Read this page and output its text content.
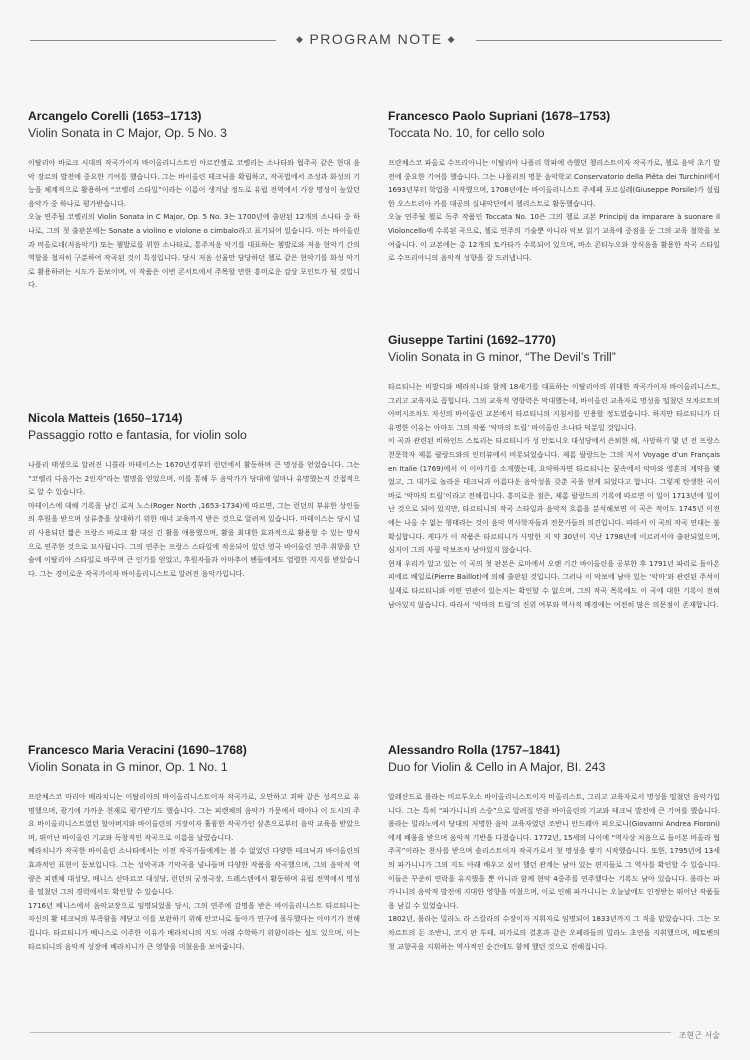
◆ PROGRAM NOTE ◆
Arcangelo Corelli (1653–1713)
Violin Sonata in C Major, Op. 5 No. 3

이탈리아 바로크 시대의 작곡가이자 바이올리니스트인 아르칸젤로 코렐리는 소나타와 협주곡 같은 현대 음악 장르의 발전에 중요한 기여를 했습니다. 그는 바이올린 테크닉을 확립하고, 작곡법에서 조성과 화성의 기능을 체계적으로 활용하여 “코렐리 스타일”이라는 이름이 생겨날 정도로 유럽 전역에서 가장 명성이 높았던 음악가 중 하나로 평가받습니다.

오늘 연주될 코렐리의 Violin Sonata in C Major, Op. 5 No. 3는 1700년에 출판된 12개의 소나타 중 하나로, 그의 첫 출판본에는 Sonate a violino e violone o cimbalo라고 표기되어 있습니다. 이는 바이올린과 비올로네(저음악기) 또는 쳄발로를 위한 소나타로, 통주저음 악기를 대표하는 쳄발로와 저음 현악기 간의 역할을 철저히 구분하여 작곡된 것이 특징입니다. 당시 저음 선율만 담당하던 첼로 같은 현악기를 화성 악기로 활용하려는 시도가 돋보이며, 이 작품은 이번 콘서트에서 주목할 만한 흥미로운 감상 포인트가 될 것입니다.

Francesco Paolo Supriani (1678–1753)
Toccata No. 10, for cello solo

프란체스코 파올로 수프리아니는 이탈리아 나폴리 학파에 속했던 첼리스트이자 작곡가로, 첼로 음악 초기 발전에 중요한 기여를 했습니다. 그는 나폴리의 명문 음악학교 Conservatorio della Piëta dei Turchini에서 1693년부터 학업을 시작했으며, 1708년에는 바이올리니스트 주세페 포르실레(Giuseppe Porsile)가 설립한 오스트리아 카를 대공의 실내악단에서 첼리스트로 활동했습니다.

오늘 연주될 첼로 독주 작품인 Toccata No. 10은 그의 첼로 교본 Principij da imparare à suonare il Violoncello에 수록된 곡으로, 첼로 연주의 기술뿐 아니라 악보 읽기 교육에 중점을 둔 그의 교육 철학을 보여줍니다. 이 교본에는 총 12개의 토카타가 수록되어 있으며, 바소 콘티누오와 장식음을 활용한 작곡 스타일로 수프리아니의 음악적 성향을 잘 드러냅니다.

Giuseppe Tartini (1692–1770)
Violin Sonata in G minor, “The Devil’s Trill”

타르티니는 비발디와 베라치니와 함께 18세기를 대표하는 이탈리아의 위대한 작곡가이자 바이올리니스트, 그리고 교육자로 꼽힙니다. 그의 교육적 영향력은 막대했는데, 바이올린 교육자로 명성을 떨쳤던 모차르트의 아버지조차도 자신의 바이올린 교본에서 타르티니의 지침서를 인용할 정도였습니다. 하지만 타르티니가 더 유명한 이유는 아마도 그의 작품 ‘악마의 트릴’ 바이올린 소나타 덕분일 것입니다.

이 곡과 관련된 비하인드 스토리는 타르티니가 성 안토니오 대성당에서 은퇴한 해, 사망하기 몇 년 전 프랑스 천문학자 제롬 랄랑드와의 인터뷰에서 비롯되었습니다. 제롬 랄랑드는 그의 저서 Voyage d’un Français en Italie (1769)에서 이 이야기를 소개했는데, 요약하자면 타르티니는 꿈속에서 악마와 영혼의 계약을 맺었고, 그 대가로 놀라운 테크닉과 아름다운 음악성을 갖춘 곡을 얻게 되었다고 합니다. 그렇게 탄생한 곡이 바로 ‘악마의 트릴’이라고 전해집니다. 흥미로운 점은, 제롬 랄랑드의 기록에 따르면 이 일이 1713년에 일어난 것으로 되어 있지만, 타르티니의 작곡 스타일과 음악적 흐름을 분석해보면 이 곡은 적어도 1745년 이전에는 나올 수 없는 형태라는 것이 음악 역사학자들과 전문가들의 의견입니다. 따라서 이 곡의 작곡 연대는 불확실합니다. 게다가 이 작품은 타르티니가 사망한 지 약 30년이 지난 1798년에 이르러서야 출판되었으며, 심지어 그의 자필 악보조차 남아있지 않습니다.

현재 우리가 알고 있는 이 곡의 첫 판본은 로마에서 오랜 기간 바이올린을 공부한 후 1791년 파리로 돌아온 피에르 베일로(Pierre Baillot)에 의해 출판된 것입니다. 그러나 이 악보에 남아 있는 ‘악마’와 관련된 주석이 실제로 타르티니와 어떤 연관이 있는지는 확인할 수 없으며, 그의 작곡 목록에도 이 곡에 대한 기록이 전혀 남아있지 않습니다. 따라서 ‘악마의 트릴’의 진위 여부와 역사적 배경에는 여전히 많은 의문점이 존재합니다.

Nicola Matteis (1650–1714)
Passaggio rotto e fantasia, for violin solo

나폴리 태생으로 알려진 니콜라 마테이스는 1670년경부터 런던에서 활동하며 큰 명성을 얻었습니다. 그는 “코렐리 다음가는 2인자”라는 별명을 얻었으며, 이를 통해 두 음악가가 당대에 얼마나 유명했는지 간접적으로 알 수 있습니다.

마테이스에 대해 기록을 남긴 로저 노스(Roger North ,1653-1734)에 따르면, 그는 런던의 부유한 상인들의 후원을 받으며 상류층을 상대하기 위한 매너 교육까지 받은 것으로 알려져 있습니다. 마테이스는 당시 널리 사용되던 짧은 프랑스 바로크 활 대신 긴 활을 애용했으며, 활을 최대한 효과적으로 활용할 수 있는 방식으로 연주한 것으로 묘사됩니다. 그의 연주는 프랑스 스타일에 적응되어 있던 영국 바이올린 연주 취향을 단숨에 이탈리아 스타일로 바꾸며 큰 인기를 얻었고, 후원자들과 아마추어 팬들에게도 열렬한 지지를 받았습니다. 그는 경이로운 작곡가이자 바이올리니스트로 알려진 음악가입니다.

Francesco Maria Veracini (1690–1768)
Violin Sonata in G minor, Op. 1 No. 1

프란체스코 마리아 베라치니는 이탈리아의 바이올리니스트이자 작곡가로, 오만하고 괴팍 같은 성격으로 유명했으며, 광기에 가까운 천재로 평가받기도 했습니다. 그는 피렌체의 음악가 가문에서 태어나 이 도시의 주요 바이올리니스트였던 할아버지와 바이올린의 거장이자 훌륭한 작곡가인 삼촌으로부터 음악 교육을 받았으며, 뛰어난 바이올린 기교와 독창적인 작곡으로 이름을 날렸습니다.

베라치니가 작곡한 바이올린 소나타에서는 이전 작곡가들에게는 볼 수 없었던 다양한 테크닉과 바이올린의 효과적인 표현이 돋보입니다. 그는 성악곡과 기악곡을 넘나들며 다양한 작품을 작곡했으며, 그의 음악적 역량은 피렌체 대성당, 베니스 산마르코 대성당, 런던의 궁정극장, 드레스덴에서 활동하며 유럽 전역에서 명성을 떨쳤던 그의 경력에서도 확인할 수 있습니다.

1716년 베니스에서 음악교장으로 임명되었을 당시, 그의 연주에 감명을 받은 바이올리니스트 타르티니는 자신의 활 테크닉의 부족함을 깨닫고 이를 보완하기 위해 안코나로 돌아가 연구에 몰두했다는 이야기가 전해집니다. 타르티니가 베니스로 이주한 이유가 베라치니의 지도 아래 수학하기 위함이라는 설도 있으며, 이는 타르티니의 음악적 성장에 베라치니가 큰 영향을 미쳤음을 보여줍니다.

Alessandro Rolla (1757–1841)
Duo for Violin & Cello in A Major, BI. 243

알레산드로 롤라는 비르투오소 바이올리니스트이자 비올리스트, 그리고 교육자로서 명성을 떨쳤던 음악가입니다. 그는 특히 “파가니니의 스승”으로 알려질 만큼 바이올린의 기교와 테크닉 발전에 큰 기여를 했습니다. 롤라는 밀라노에서 당대의 저명한 음악 교육자였던 조반니 안드레아 피오로니(Giovanni Andrea Fioroni)에게 배움을 받으며 음악적 기반을 다졌습니다. 1772년, 15세의 나이에 “역사상 처음으로 들어본 비올라 협주곡”이라는 찬사를 받으며 솔리스트이자 작곡가로서 첫 명성을 쌓기 시작했습니다. 또한, 1795년에 13세의 파가니니가 그의 지도 아래 배우고 싶어 했던 관계는 남아 있는 편지들로 그 역사를 확인할 수 있습니다. 이들은 꾸준히 연락을 유지했을 뿐 아니라 함께 현악 4중주를 연주했다는 기록도 남아 있습니다. 롤라는 파가니니의 음악적 발전에 지대한 영향을 미쳤으며, 이로 인해 파가니니는 오늘날에도 인정받는 뛰어난 작품들을 남길 수 있었습니다.

1802년, 롤라는 밀라노 라 스칼라의 수장이자 지휘자로 임명되어 1833년까지 그 직을 맡았습니다. 그는 모차르트의 돈 조반니, 코지 판 투테, 피가로의 결혼과 같은 오페라들의 밀라노 초연을 지휘했으며, 베토벤의 첫 교향곡을 지휘하는 역사적인 순간에도 함께 했던 것으로 전해집니다.

조현근 서술
